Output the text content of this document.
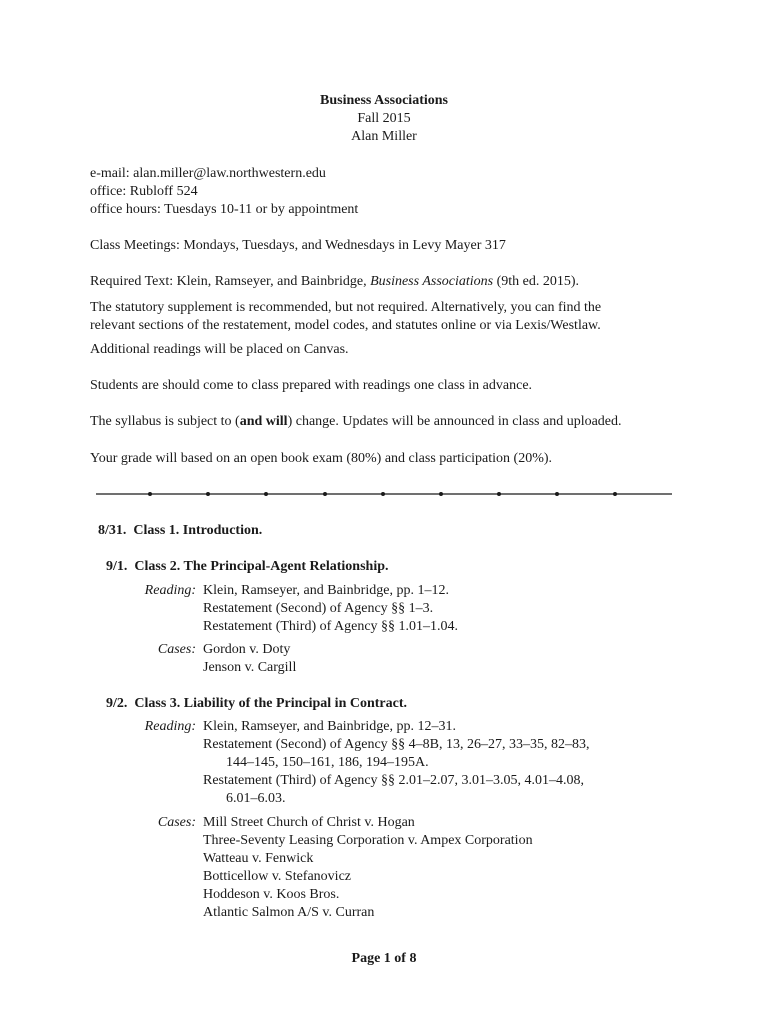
Business Associations
Fall 2015
Alan Miller
e-mail: alan.miller@law.northwestern.edu
office: Rubloff 524
office hours: Tuesdays 10-11 or by appointment
Class Meetings: Mondays, Tuesdays, and Wednesdays in Levy Mayer 317
Required Text: Klein, Ramseyer, and Bainbridge, Business Associations (9th ed. 2015).
The statutory supplement is recommended, but not required. Alternatively, you can find the
relevant sections of the restatement, model codes, and statutes online or via Lexis/Westlaw.
Additional readings will be placed on Canvas.
Students are should come to class prepared with readings one class in advance.
The syllabus is subject to (and will) change. Updates will be announced in class and uploaded.
Your grade will based on an open book exam (80%) and class participation (20%).
8/31. Class 1. Introduction.
9/1. Class 2. The Principal-Agent Relationship.
Reading: Klein, Ramseyer, and Bainbridge, pp. 1–12.
Restatement (Second) of Agency §§ 1–3.
Restatement (Third) of Agency §§ 1.01–1.04.
Cases: Gordon v. Doty
Jenson v. Cargill
9/2. Class 3. Liability of the Principal in Contract.
Reading: Klein, Ramseyer, and Bainbridge, pp. 12–31.
Restatement (Second) of Agency §§ 4–8B, 13, 26–27, 33–35, 82–83,
144–145, 150–161, 186, 194–195A.
Restatement (Third) of Agency §§ 2.01–2.07, 3.01–3.05, 4.01–4.08,
6.01–6.03.
Cases: Mill Street Church of Christ v. Hogan
Three-Seventy Leasing Corporation v. Ampex Corporation
Watteau v. Fenwick
Botticellow v. Stefanovicz
Hoddeson v. Koos Bros.
Atlantic Salmon A/S v. Curran
Page 1 of 8
